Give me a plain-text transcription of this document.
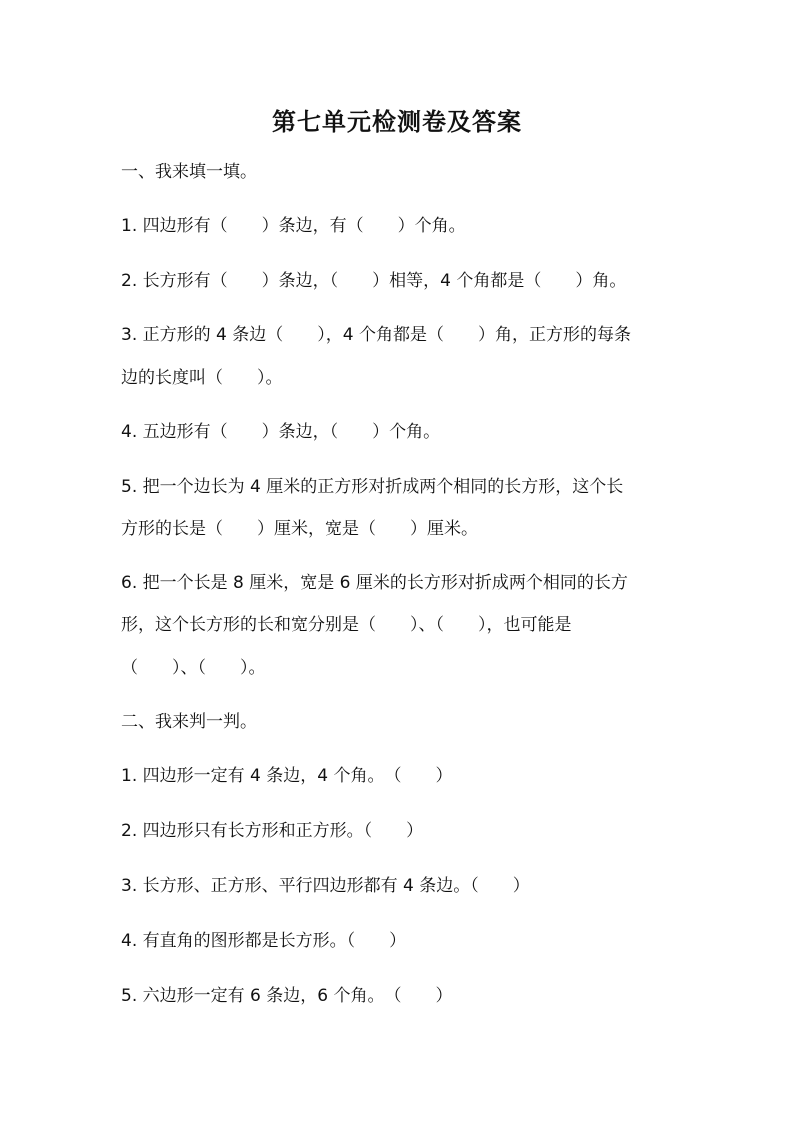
第七单元检测卷及答案
一、我来填一填。
1. 四边形有（　　）条边，有（　　）个角。
2. 长方形有（　　）条边，（　　）相等，4 个角都是（　　）角。
3. 正方形的 4 条边（　　），4 个角都是（　　）角，正方形的每条
边的长度叫（　　）。
4. 五边形有（　　）条边，（　　）个角。
5. 把一个边长为 4 厘米的正方形对折成两个相同的长方形，这个长
方形的长是（　　）厘米，宽是（　　）厘米。
6. 把一个长是 8 厘米，宽是 6 厘米的长方形对折成两个相同的长方
形，这个长方形的长和宽分别是（　　）、（　　），也可能是
（　　）、（　　）。
二、我来判一判。
1. 四边形一定有 4 条边，4 个角。　（　　）
2. 四边形只有长方形和正方形。（　　）
3. 长方形、正方形、平行四边形都有 4 条边。（　　）
4. 有直角的图形都是长方形。（　　）
5. 六边形一定有 6 条边，6 个角。　（　　）
